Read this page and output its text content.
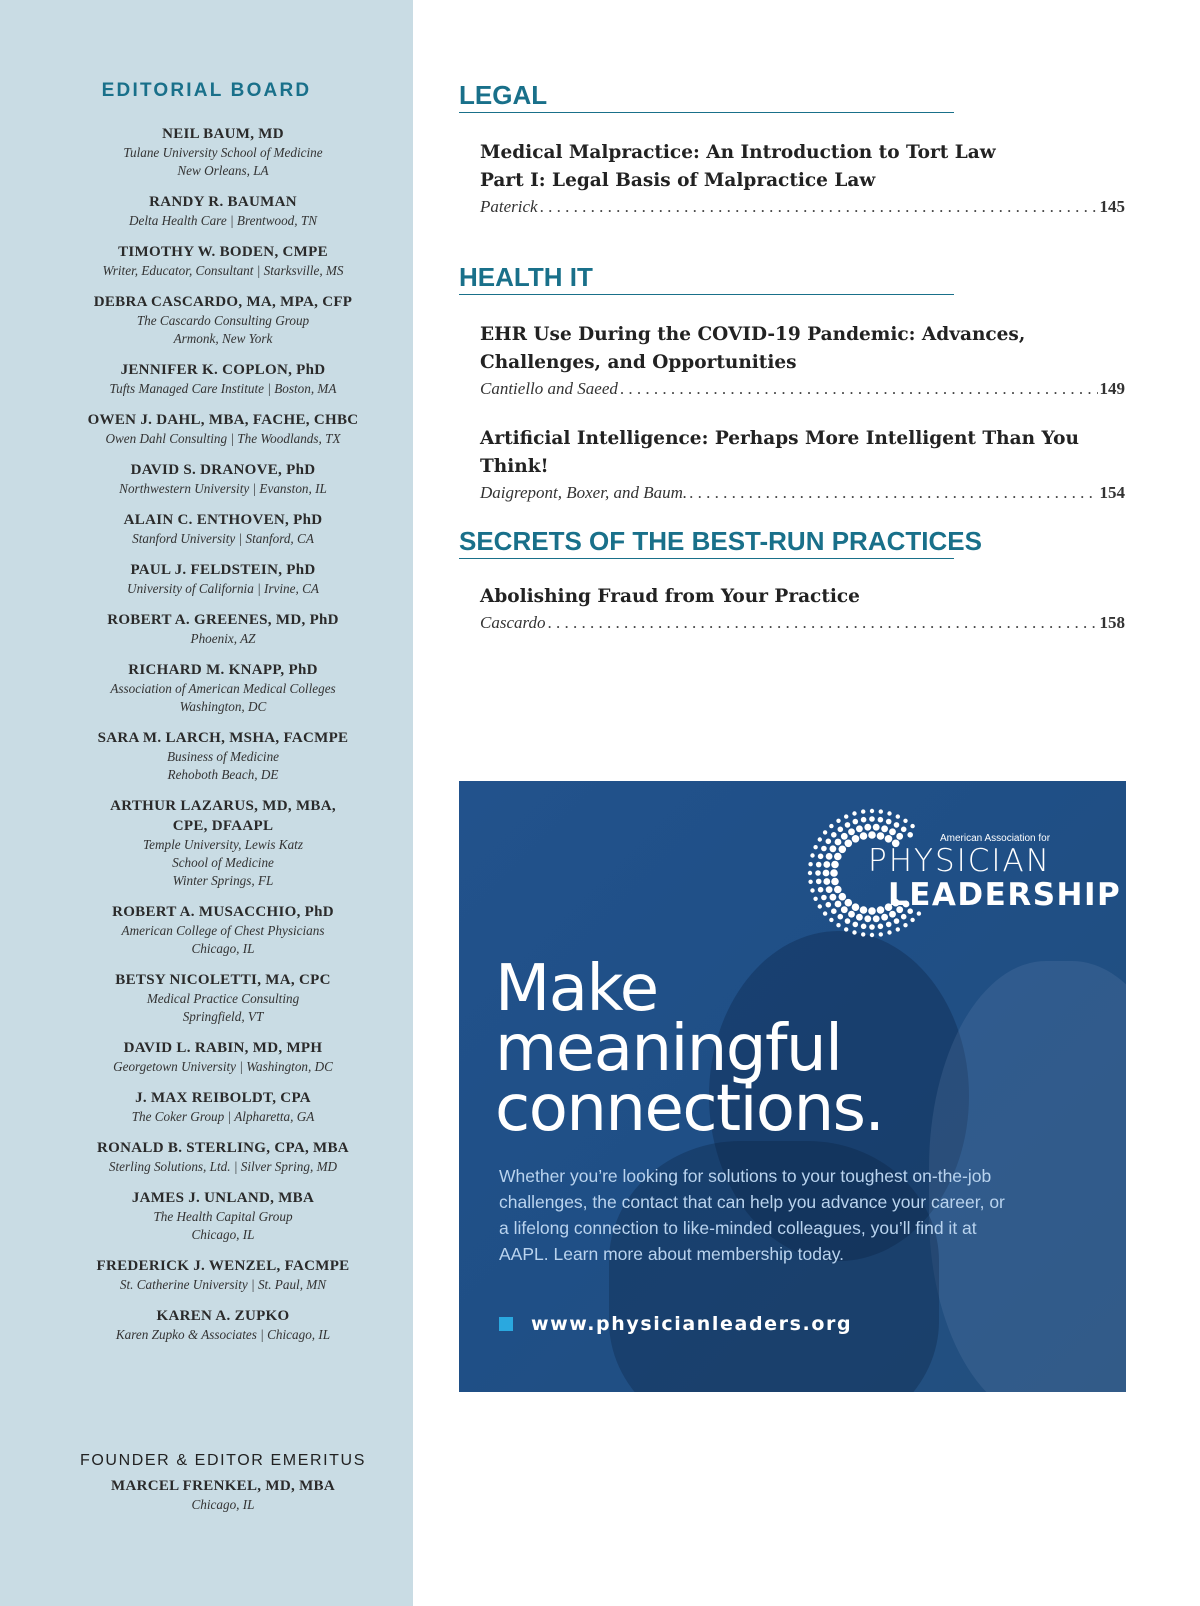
EDITORIAL BOARD
NEIL BAUM, MD
Tulane University School of Medicine
New Orleans, LA
RANDY R. BAUMAN
Delta Health Care | Brentwood, TN
TIMOTHY W. BODEN, CMPE
Writer, Educator, Consultant | Starksville, MS
DEBRA CASCARDO, MA, MPA, CFP
The Cascardo Consulting Group
Armonk, New York
JENNIFER K. COPLON, PhD
Tufts Managed Care Institute | Boston, MA
OWEN J. DAHL, MBA, FACHE, CHBC
Owen Dahl Consulting | The Woodlands, TX
DAVID S. DRANOVE, PhD
Northwestern University | Evanston, IL
ALAIN C. ENTHOVEN, PhD
Stanford University | Stanford, CA
PAUL J. FELDSTEIN, PhD
University of California | Irvine, CA
ROBERT A. GREENES, MD, PhD
Phoenix, AZ
RICHARD M. KNAPP, PhD
Association of American Medical Colleges
Washington, DC
SARA M. LARCH, MSHA, FACMPE
Business of Medicine
Rehoboth Beach, DE
ARTHUR LAZARUS, MD, MBA,
CPE, DFAAPL
Temple University, Lewis Katz
School of Medicine
Winter Springs, FL
ROBERT A. MUSACCHIO, PhD
American College of Chest Physicians
Chicago, IL
BETSY NICOLETTI, MA, CPC
Medical Practice Consulting
Springfield, VT
DAVID L. RABIN, MD, MPH
Georgetown University | Washington, DC
J. MAX REIBOLDT, CPA
The Coker Group | Alpharetta, GA
RONALD B. STERLING, CPA, MBA
Sterling Solutions, Ltd. | Silver Spring, MD
JAMES J. UNLAND, MBA
The Health Capital Group
Chicago, IL
FREDERICK J. WENZEL, FACMPE
St. Catherine University | St. Paul, MN
KAREN A. ZUPKO
Karen Zupko & Associates | Chicago, IL
FOUNDER & EDITOR EMERITUS
MARCEL FRENKEL, MD, MBA
Chicago, IL
LEGAL
Medical Malpractice: An Introduction to Tort Law
Part I: Legal Basis of Malpractice Law
Paterick . . .	145
HEALTH IT
EHR Use During the COVID-19 Pandemic: Advances,
Challenges, and Opportunities
Cantiello and Saeed . . .	149
Artificial Intelligence: Perhaps More Intelligent Than You Think!
Daigrepont, Boxer, and Baum. . . .	154
SECRETS OF THE BEST-RUN PRACTICES
Abolishing Fraud from Your Practice
Cascardo . . .	158
American Association for
PHYSICIAN
LEADERSHIP
Make
meaningful
connections.
Whether you’re looking for solutions to your toughest on-the-job challenges, the contact that can help you advance your career, or a lifelong connection to like-minded colleagues, you’ll find it at AAPL. Learn more about membership today.
www.physicianleaders.org
